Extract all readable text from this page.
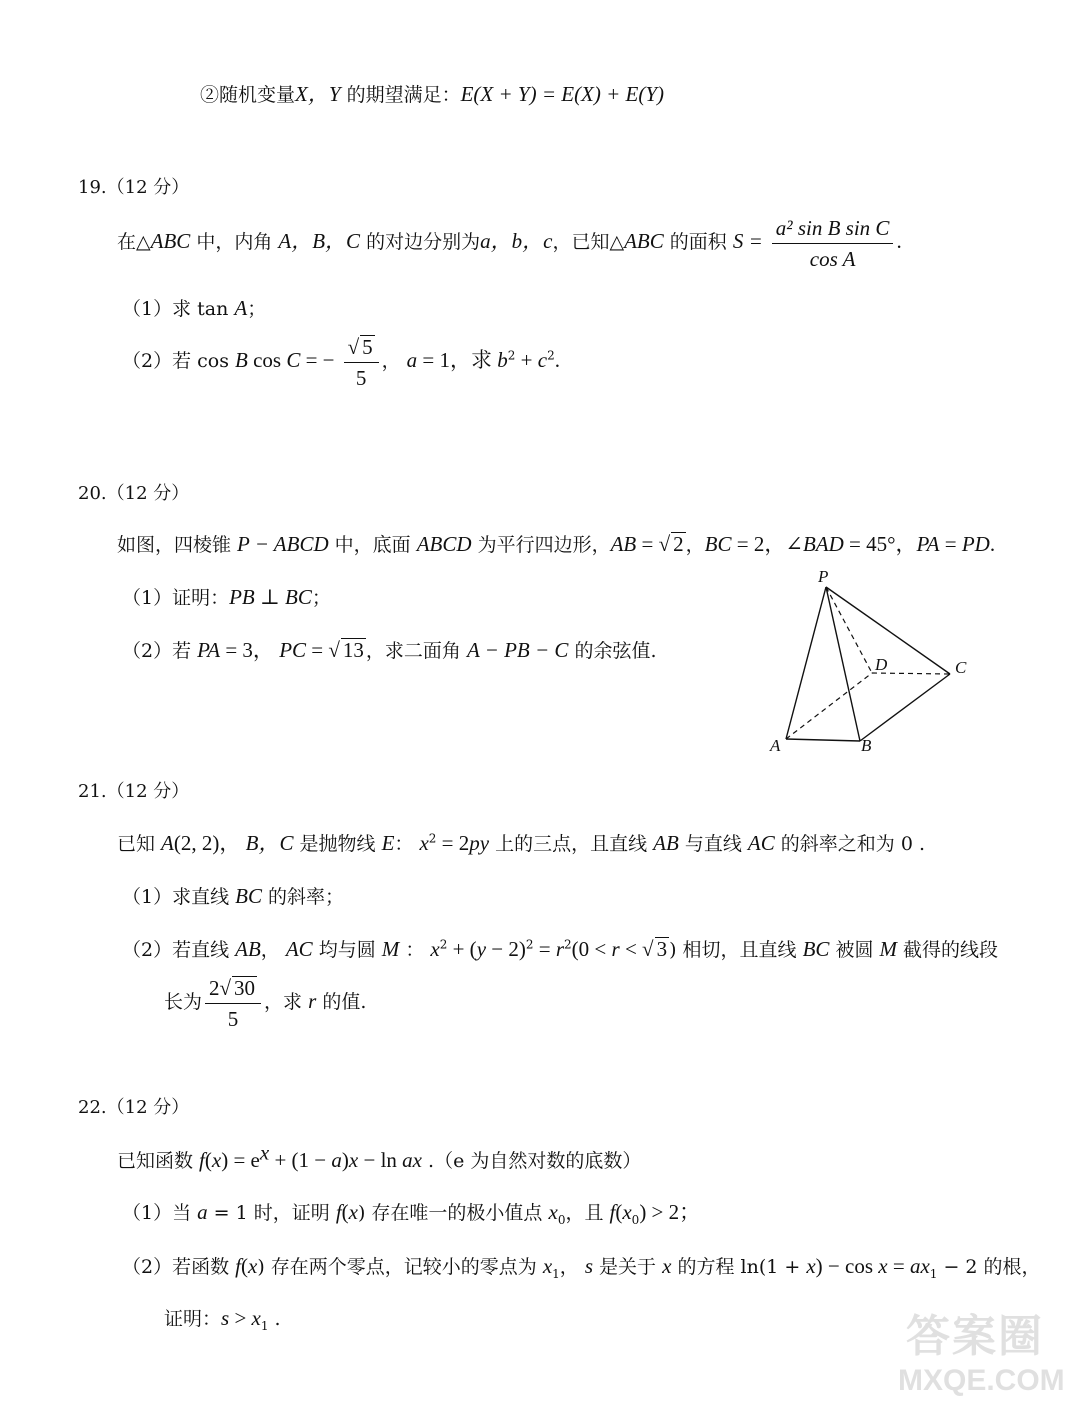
②随机变量X，Y 的期望满足：E(X + Y) = E(X) + E(Y)
19.（12 分）
在△ABC 中，内角 A，B，C 的对边分别为a，b，c，已知△ABC 的面积 $S = \frac{\text{a² sin B sin C}}{\text{cos A}}$ .
（1）求 tan A；
（2）若 cos B cos C = − $\frac{√ 5}{5}$ ， a = 1，求 $b^2 + c^2$.
20.（12 分）
如图，四棱锥 P − ABCD 中，底面 ABCD 为平行四边形，AB = √ 2 ，BC = 2，∠BAD = 45°，PA = PD.
（1）证明：PB ⊥ BC；
（2）若 PA = 3， PC = √ 13 ，求二面角 A − PB − C 的余弦值.
P
D	C
A	B
21.（12 分）
已知 A(2, 2)， B，C 是抛物线 E： $x^2 = 2py$ 上的三点，且直线 AB 与直线 AC 的斜率之和为 0 .
（1）求直线 BC 的斜率；
（2）若直线 AB， AC 均与圆 M ： $x^2 + (y - 2)^2 = r^2(0 < r$ < √ 3 ) 相切，且直线 BC 被圆 M 截得的线段
长为 $\frac{2√ 30}{5}$ ，求 r 的值.
22.（12 分）
已知函数 $f(x) = e^x + (1 - a)x - \ln$ ax .（e 为自然对数的底数）
（1）当 a = 1 时，证明 f(x) 存在唯一的极小值点 $x_0$，且 $f(x_0) > 2$；
（2）若函数 f(x) 存在两个零点，记较小的零点为 $x_1$， s 是关于 x 的方程 $\ln(1 + x) - \cos x = ax_1 - 2$ 的根，
证明：$s > x_1$ .	答案圈
MXQE.COM
